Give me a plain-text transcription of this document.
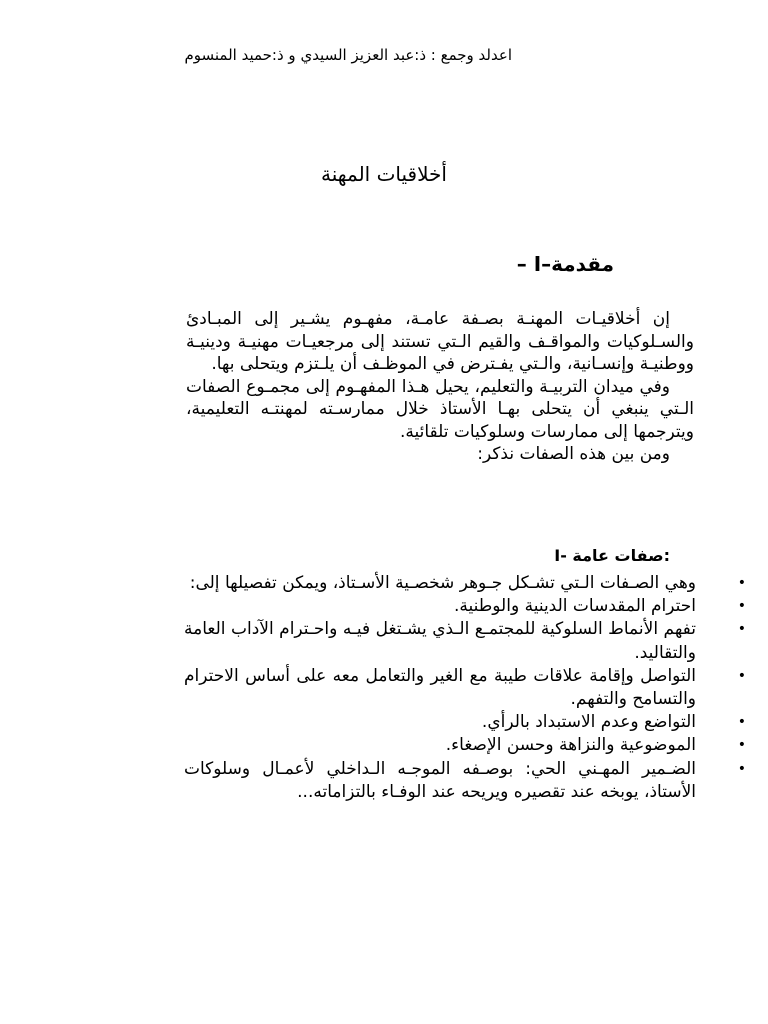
اعدلد وجمع : ذ:عبد العزيز السيدي و ذ:حميد المنسوم
أخلاقيات المهنة
– I–مقدمة

إن أخلاقيـات المهنـة بصـفة عامـة، مفهـوم يشـير إلى المبـادئ والسـلوكيات والمواقـف والقيم الـتي تستند إلى مرجعيـات مهنيـة ودينيـة ووطنيـة وإنسـانية، والـتي يفـترض في الموظـف أن يلـتزم ويتحلى بها.

وفي ميدان التربيـة والتعليم، يحيل هـذا المفهـوم إلى مجمـوع الصفات الـتي ينبغي أن يتحلى بهـا الأستاذ خلال ممارسـته لمهنتـه التعليمية، ويترجمها إلى ممارسات وسلوكيات تلقائية.

ومن بين هذه الصفات نذكر:

I- صفات عامة:
•
وهي الصـفات الـتي تشـكل جـوهر شخصـية الأسـتاذ، ويمكن تفصيلها إلى:
•
احترام المقدسات الدينية والوطنية.
•
تفهم الأنماط السلوكية للمجتمـع الـذي يشـتغل فيـه واحـترام الآداب العامة والتقاليد.
•
التواصل وإقامة علاقات طيبة مع الغير والتعامل معه على أساس الاحترام والتسامح والتفهم.
•
التواضع وعدم الاستبداد بالرأي.
•
الموضوعية والنزاهة وحسن الإصغاء.
•
الضـمير المهـني الحي: بوصـفه الموجـه الـداخلي لأعمـال وسلوكات الأستاذ، يوبخه عند تقصيره ويريحه عند الوفـاء بالتزاماته...
